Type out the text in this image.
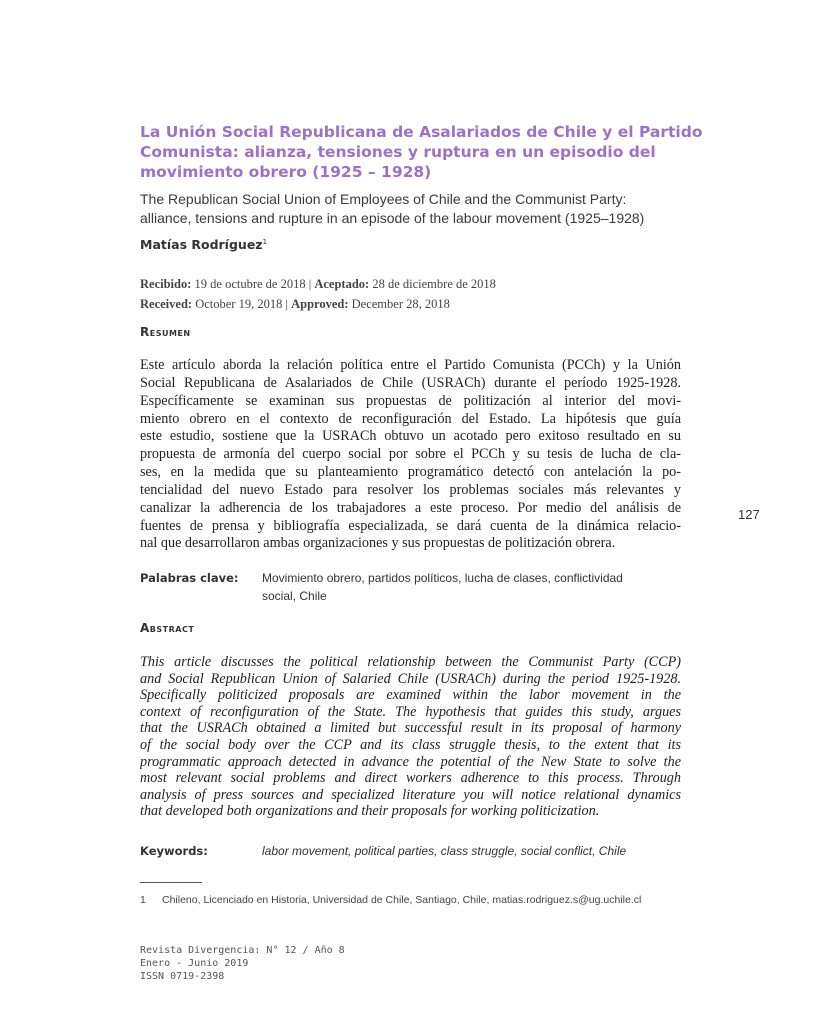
La Unión Social Republicana de Asalariados de Chile y el Partido
Comunista: alianza, tensiones y ruptura en un episodio del
movimiento obrero (1925 – 1928)
The Republican Social Union of Employees of Chile and the Communist Party:
alliance, tensions and rupture in an episode of the labour movement (1925–1928)
Matías Rodríguez$^1$
Recibido: 19 de octubre de 2018 | Aceptado: 28 de diciembre de 2018
Received: October 19, 2018 | Approved: December 28, 2018
Resumen
Este artículo aborda la relación política entre el Partido Comunista (PCCh) y la Unión
Social Republicana de Asalariados de Chile (USRACh) durante el período 1925-1928.
Específicamente se examinan sus propuestas de politización al interior del movi-
miento obrero en el contexto de reconfiguración del Estado. La hipótesis que guía
este estudio, sostiene que la USRACh obtuvo un acotado pero exitoso resultado en su
propuesta de armonía del cuerpo social por sobre el PCCh y su tesis de lucha de cla-
ses, en la medida que su planteamiento programático detectó con antelación la po-
tencialidad del nuevo Estado para resolver los problemas sociales más relevantes y
canalizar la adherencia de los trabajadores a este proceso. Por medio del análisis de
fuentes de prensa y bibliografía especializada, se dará cuenta de la dinámica relacio-
nal que desarrollaron ambas organizaciones y sus propuestas de politización obrera.
Palabras clave: Movimiento obrero, partidos políticos, lucha de clases, conflictividad
social, Chile
Abstract
This article discusses the political relationship between the Communist Party (CCP)
and Social Republican Union of Salaried Chile (USRACh) during the period 1925-1928.
Specifically politicized proposals are examined within the labor movement in the
context of reconfiguration of the State. The hypothesis that guides this study, argues
that the USRACh obtained a limited but successful result in its proposal of harmony
of the social body over the CCP and its class struggle thesis, to the extent that its
programmatic approach detected in advance the potential of the New State to solve the
most relevant social problems and direct workers adherence to this process. Through
analysis of press sources and specialized literature you will notice relational dynamics
that developed both organizations and their proposals for working politicization.
Keywords:	labor movement, political parties, class struggle, social conflict, Chile
127
1 Chileno, Licenciado en Historia, Universidad de Chile, Santiago, Chile, matias.rodriguez.s@ug.uchile.cl
Revista Divergencia: N° 12 / Año 8
Enero - Junio 2019
ISSN 0719-2398
